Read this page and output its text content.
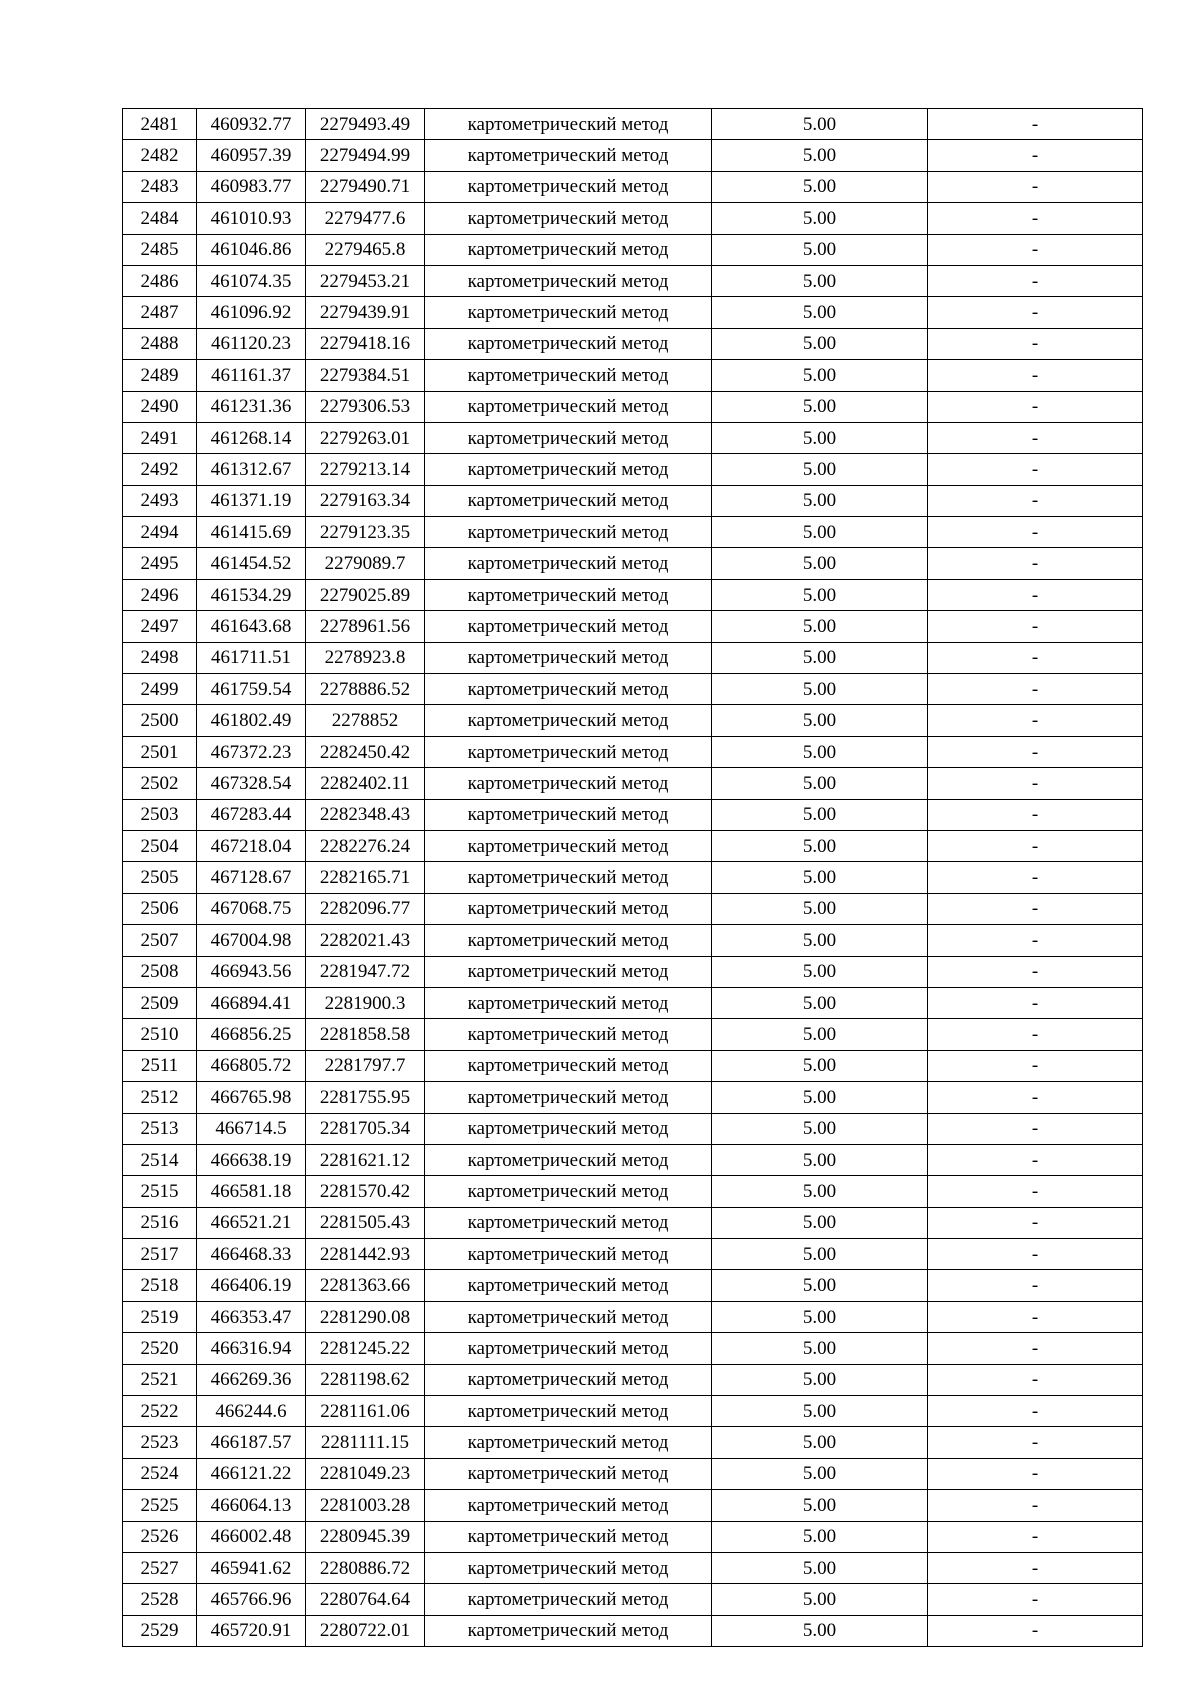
2481	460932.77	2279493.49	картометрический метод	5.00	-
2482	460957.39	2279494.99	картометрический метод	5.00	-
2483	460983.77	2279490.71	картометрический метод	5.00	-
2484	461010.93	2279477.6	картометрический метод	5.00	-
2485	461046.86	2279465.8	картометрический метод	5.00	-
2486	461074.35	2279453.21	картометрический метод	5.00	-
2487	461096.92	2279439.91	картометрический метод	5.00	-
2488	461120.23	2279418.16	картометрический метод	5.00	-
2489	461161.37	2279384.51	картометрический метод	5.00	-
2490	461231.36	2279306.53	картометрический метод	5.00	-
2491	461268.14	2279263.01	картометрический метод	5.00	-
2492	461312.67	2279213.14	картометрический метод	5.00	-
2493	461371.19	2279163.34	картометрический метод	5.00	-
2494	461415.69	2279123.35	картометрический метод	5.00	-
2495	461454.52	2279089.7	картометрический метод	5.00	-
2496	461534.29	2279025.89	картометрический метод	5.00	-
2497	461643.68	2278961.56	картометрический метод	5.00	-
2498	461711.51	2278923.8	картометрический метод	5.00	-
2499	461759.54	2278886.52	картометрический метод	5.00	-
2500	461802.49	2278852	картометрический метод	5.00	-
2501	467372.23	2282450.42	картометрический метод	5.00	-
2502	467328.54	2282402.11	картометрический метод	5.00	-
2503	467283.44	2282348.43	картометрический метод	5.00	-
2504	467218.04	2282276.24	картометрический метод	5.00	-
2505	467128.67	2282165.71	картометрический метод	5.00	-
2506	467068.75	2282096.77	картометрический метод	5.00	-
2507	467004.98	2282021.43	картометрический метод	5.00	-
2508	466943.56	2281947.72	картометрический метод	5.00	-
2509	466894.41	2281900.3	картометрический метод	5.00	-
2510	466856.25	2281858.58	картометрический метод	5.00	-
2511	466805.72	2281797.7	картометрический метод	5.00	-
2512	466765.98	2281755.95	картометрический метод	5.00	-
2513	466714.5	2281705.34	картометрический метод	5.00	-
2514	466638.19	2281621.12	картометрический метод	5.00	-
2515	466581.18	2281570.42	картометрический метод	5.00	-
2516	466521.21	2281505.43	картометрический метод	5.00	-
2517	466468.33	2281442.93	картометрический метод	5.00	-
2518	466406.19	2281363.66	картометрический метод	5.00	-
2519	466353.47	2281290.08	картометрический метод	5.00	-
2520	466316.94	2281245.22	картометрический метод	5.00	-
2521	466269.36	2281198.62	картометрический метод	5.00	-
2522	466244.6	2281161.06	картометрический метод	5.00	-
2523	466187.57	2281111.15	картометрический метод	5.00	-
2524	466121.22	2281049.23	картометрический метод	5.00	-
2525	466064.13	2281003.28	картометрический метод	5.00	-
2526	466002.48	2280945.39	картометрический метод	5.00	-
2527	465941.62	2280886.72	картометрический метод	5.00	-
2528	465766.96	2280764.64	картометрический метод	5.00	-
2529	465720.91	2280722.01	картометрический метод	5.00	-
